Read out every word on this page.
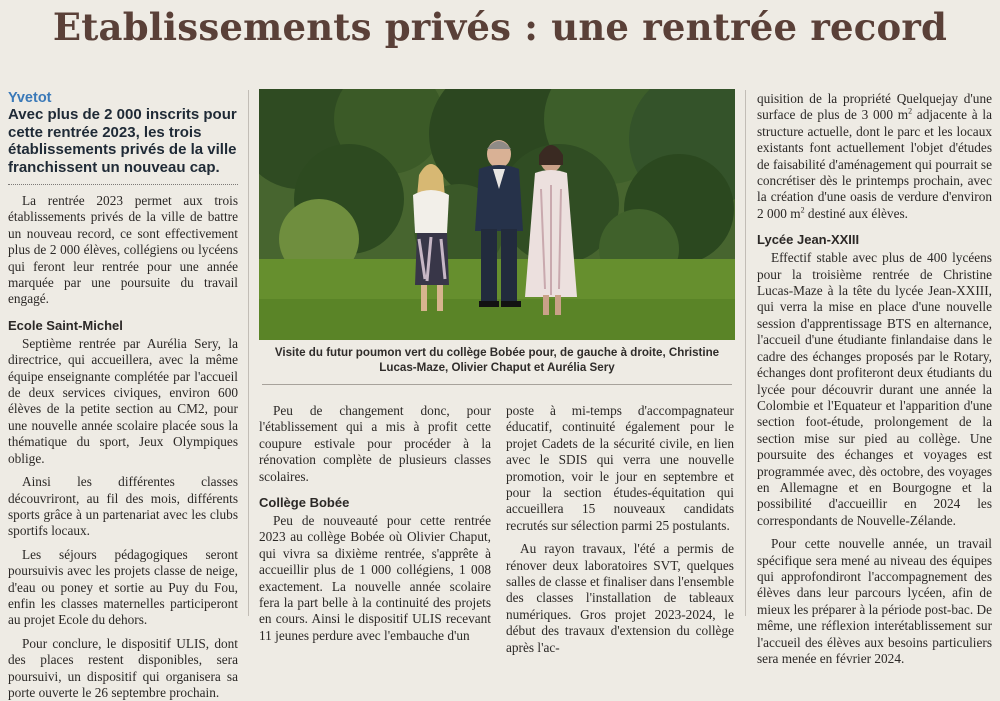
Etablissements privés : une rentrée record
Yvetot
Avec plus de 2 000 inscrits pour cette rentrée 2023, les trois établissements privés de la ville franchissent un nouveau cap.

La rentrée 2023 permet aux trois établissements privés de la ville de battre un nouveau record, ce sont effectivement plus de 2 000 élèves, collégiens ou lycéens qui feront leur rentrée pour une année marquée par une poursuite du travail engagé.

Ecole Saint-Michel

Septième rentrée par Aurélia Sery, la directrice, qui accueillera, avec la même équipe enseignante complétée par l'accueil de deux services civiques, environ 600 élèves de la petite section au CM2, pour une nouvelle année scolaire placée sous la thématique du sport, Jeux Olympiques oblige.

Ainsi les différentes classes découvriront, au fil des mois, différents sports grâce à un partenariat avec les clubs sportifs locaux.

Les séjours pédagogiques seront poursuivis avec les projets classe de neige, d'eau ou poney et sortie au Puy du Fou, enfin les classes maternelles participeront au projet Ecole du dehors.

Pour conclure, le dispositif ULIS, dont des places restent disponibles, sera poursuivi, un dispositif qui organisera sa porte ouverte le 26 septembre prochain.

Visite du futur poumon vert du collège Bobée pour, de gauche à droite, Christine Lucas-Maze, Olivier Chaput et Aurélia Sery

Peu de changement donc, pour l'établissement qui a mis à profit cette coupure estivale pour procéder à la rénovation complète de plusieurs classes scolaires.

Collège Bobée

Peu de nouveauté pour cette rentrée 2023 au collège Bobée où Olivier Chaput, qui vivra sa dixième rentrée, s'apprête à accueillir plus de 1 000 collégiens, 1 008 exactement. La nouvelle année scolaire fera la part belle à la continuité des projets en cours. Ainsi le dispositif ULIS recevant 11 jeunes perdure avec l'embauche d'un

poste à mi-temps d'accompagnateur éducatif, continuité également pour le projet Cadets de la sécurité civile, en lien avec le SDIS qui verra une nouvelle promotion, voir le jour en septembre et pour la section études-équitation qui accueillera 15 nouveaux candidats recrutés sur sélection parmi 25 postulants.

Au rayon travaux, l'été a permis de rénover deux laboratoires SVT, quelques salles de classe et finaliser dans l'ensemble des classes l'installation de tableaux numériques. Gros projet 2023-2024, le début des travaux d'extension du collège après l'ac-

quisition de la propriété Quelquejay d'une surface de plus de 3 000 $m^2$ adjacente à la structure actuelle, dont le parc et les locaux existants font actuellement l'objet d'études de faisabilité d'aménagement qui pourrait se concrétiser dès le printemps prochain, avec la création d'une oasis de verdure d'environ 2 000 $m^2$ destiné aux élèves.

Lycée Jean-XXIII

Effectif stable avec plus de 400 lycéens pour la troisième rentrée de Christine Lucas-Maze à la tête du lycée Jean-XXIII, qui verra la mise en place d'une nouvelle session d'apprentissage BTS en alternance, l'accueil d'une étudiante finlandaise dans le cadre des échanges proposés par le Rotary, échanges dont profiteront deux étudiants du lycée pour découvrir durant une année la Colombie et l'Equateur et l'apparition d'une section foot-étude, prolongement de la section mise sur pied au collège. Une poursuite des échanges et voyages est programmée avec, dès octobre, des voyages en Allemagne et en Bourgogne et la possibilité d'accueillir en 2024 les correspondants de Nouvelle-Zélande.

Pour cette nouvelle année, un travail spécifique sera mené au niveau des équipes qui approfondiront l'accompagnement des élèves dans leur parcours lycéen, afin de mieux les préparer à la période post-bac. De même, une réflexion interétablissement sur l'accueil des élèves aux besoins particuliers sera menée en février 2024.
